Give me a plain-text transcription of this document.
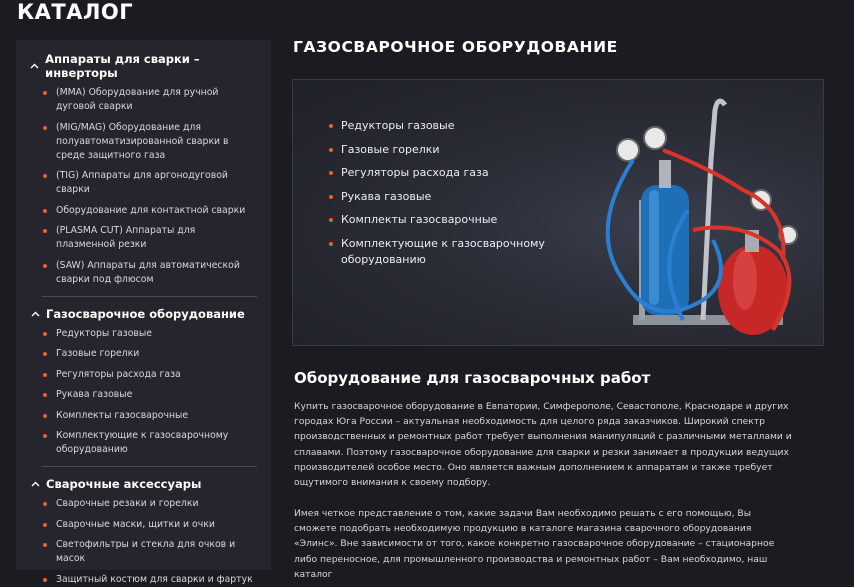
КАТАЛОГ
Аппараты для сварки – инверторы
(MMA) Оборудование для ручной дуговой сварки
(MIG/MAG) Оборудование для полуавтоматизированной сварки в среде защитного газа
(TIG) Аппараты для аргонодуговой сварки
Оборудование для контактной сварки
(PLASMA CUT) Аппараты для плазменной резки
(SAW) Аппараты для автоматической сварки под флюсом
Газосварочное оборудование
Редукторы газовые
Газовые горелки
Регуляторы расхода газа
Рукава газовые
Комплекты газосварочные
Комплектующие к газосварочному оборудованию
Сварочные аксессуары
Сварочные резаки и горелки
Сварочные маски, щитки и очки
Светофильтры и стекла для очков и масок
Защитный костюм для сварки и фартук
ГАЗОСВАРОЧНОЕ ОБОРУДОВАНИЕ
Редукторы газовые
Газовые горелки
Регуляторы расхода газа
Рукава газовые
Комплекты газосварочные
Комплектующие к газосварочному оборудованию
Оборудование для газосварочных работ

Купить газосварочное оборудование в Евпатории, Симферополе, Севастополе, Краснодаре и других городах Юга России – актуальная необходимость для целого ряда заказчиков. Широкий спектр производственных и ремонтных работ требует выполнения манипуляций с различными металлами и сплавами. Поэтому газосварочное оборудование для сварки и резки занимает в продукции ведущих производителей особое место. Оно является важным дополнением к аппаратам и также требует ощутимого внимания к своему подбору.

Имея четкое представление о том, какие задачи Вам необходимо решать с его помощью, Вы сможете подобрать необходимую продукцию в каталоге магазина сварочного оборудования «Элинс». Вне зависимости от того, какое конкретно газосварочное оборудование – стационарное либо переносное, для промышленного производства и ремонтных работ – Вам необходимо, наш каталог
